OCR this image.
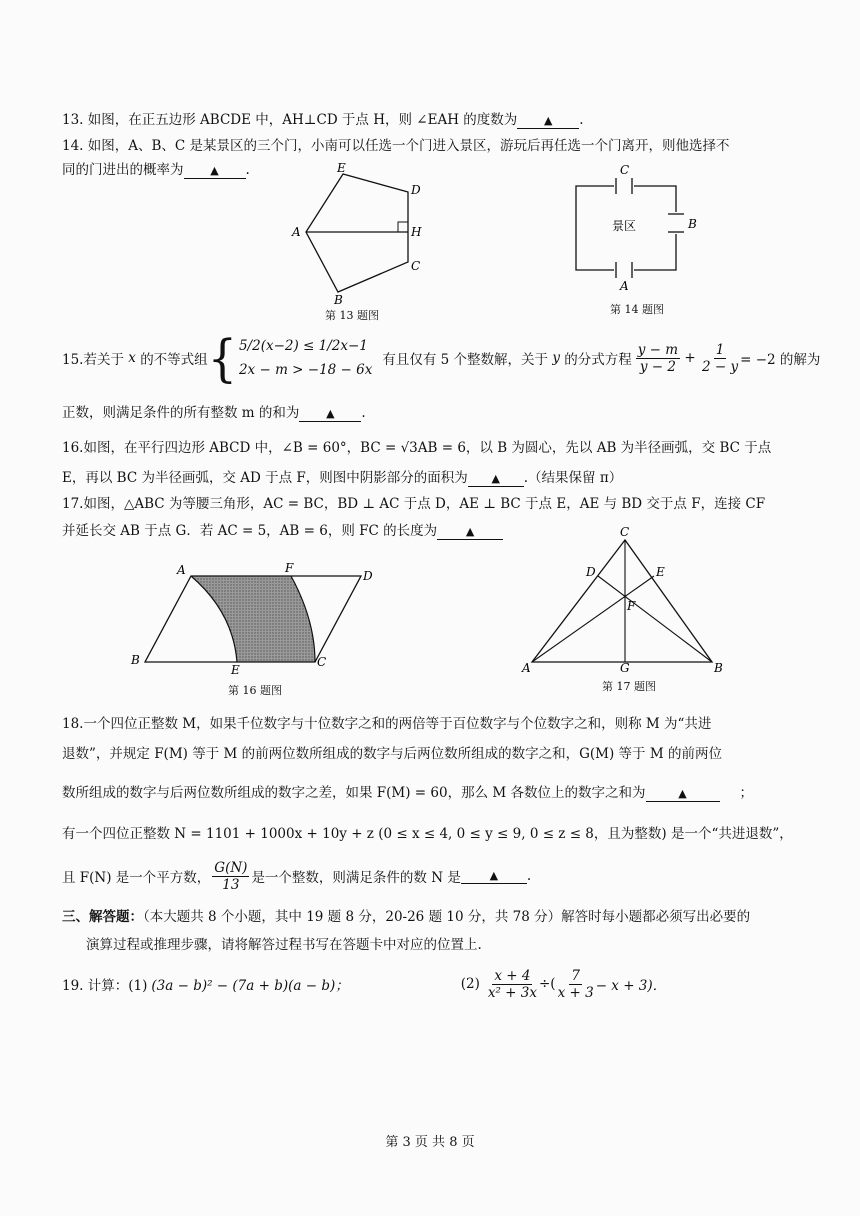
13. 如图，在正五边形 ABCDE 中，AH⊥CD 于点 H，则 ∠EAH 的度数为 ▲ .
14. 如图，A、B、C 是某景区的三个门，小南可以任选一个门进入景区，游玩后再任选一个门离开，则他选择不
同的门进出的概率为 ▲ .	E
D
A	H
C
B
第 13 题图
C
B
A
景区
第 14 题图
15.若关于 x 的不等式组 { 5/2(x−2) ≤ 1/2x−1
2x − m > −18 − 6x
有且仅有 5 个整数解，关于 y 的分式方程 $\frac{y - m}{y - 2} + \frac{1}{2 - y} = -2$ 的解为
正数，则满足条件的所有整数 m 的和为 ▲ .
16.如图，在平行四边形 ABCD 中，∠B = 60°，BC = √3AB = 6，以 B 为圆心，先以 AB 为半径画弧，交 BC 于点
E，再以 BC 为半径画弧，交 AD 于点 F，则图中阴影部分的面积为 ▲ .（结果保留 π）
17.如图，△ABC 为等腰三角形，AC = BC，BD ⊥ AC 于点 D，AE ⊥ BC 于点 E，AE 与 BD 交于点 F，连接 CF
并延长交 AB 于点 G．若 AC = 5，AB = 6，则 FC 的长度为	▲
A	F
D
B
E
C
第 16 题图
C
D	E
F
A	G	B
第 17 题图
18.一个四位正整数 M，如果千位数字与十位数字之和的两倍等于百位数字与个位数字之和，则称 M 为“共进
退数”，并规定 F(M) 等于 M 的前两位数所组成的数字与后两位数所组成的数字之和，G(M) 等于 M 的前两位
数所组成的数字与后两位数所组成的数字之差，如果 F(M) = 60，那么 M 各数位上的数字之和为	▲	；
有一个四位正整数 N = 1101 + 1000x + 10y + z (0 ≤ x ≤ 4, 0 ≤ y ≤ 9, 0 ≤ z ≤ 8，且为整数) 是一个“共进退数”，
且 F(N) 是一个平方数， $\frac{G(N)}{13}$ 是一个整数，则满足条件的数 N 是	▲	.
三、解答题：（本大题共 8 个小题，其中 19 题 8 分，20-26 题 10 分，共 78 分）解答时每小题都必须写出必要的
演算过程或推理步骤，请将解答过程书写在答题卡中对应的位置上.
19. 计算：(1) (3a − b)² − (7a + b)(a − b)；	$(2) \frac{x + 4}{\text{x² + 3x}}$ ÷( $\frac{7}{x + 3} - x + 3$)．
第 3 页 共 8 页
